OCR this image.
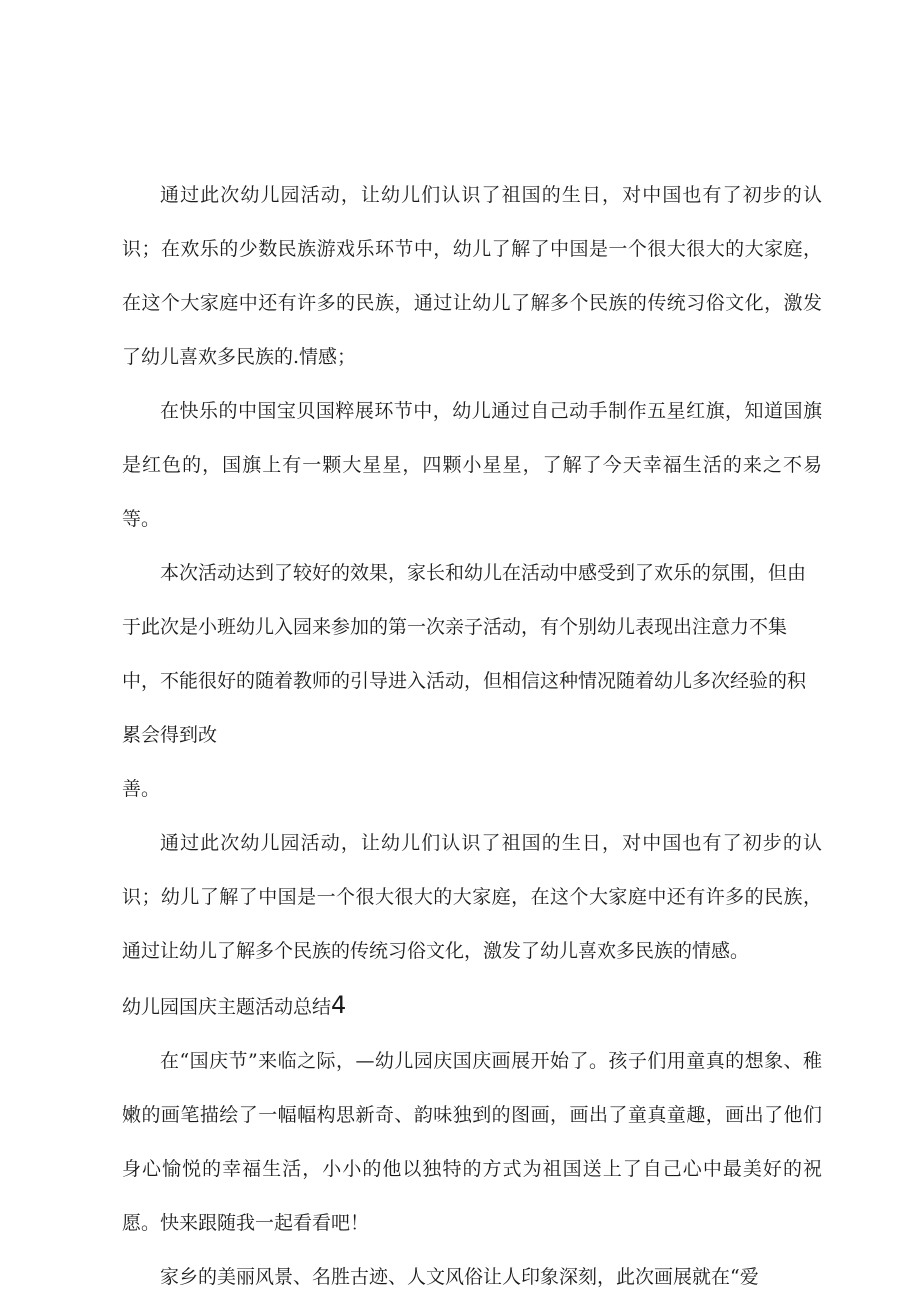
通过此次幼儿园活动，让幼儿们认识了祖国的生日，对中国也有了初步的认识；在欢乐的少数民族游戏乐环节中，幼儿了解了中国是一个很大很大的大家庭，在这个大家庭中还有许多的民族，通过让幼儿了解多个民族的传统习俗文化，激发了幼儿喜欢多民族的.情感；

在快乐的中国宝贝国粹展环节中，幼儿通过自己动手制作五星红旗，知道国旗是红色的，国旗上有一颗大星星，四颗小星星，了解了今天幸福生活的来之不易等。

本次活动达到了较好的效果，家长和幼儿在活动中感受到了欢乐的氛围，但由于此次是小班幼儿入园来参加的第一次亲子活动，有个别幼儿表现出注意力不集中，不能很好的随着教师的引导进入活动，但相信这种情况随着幼儿多次经验的积累会得到改

善。

通过此次幼儿园活动，让幼儿们认识了祖国的生日，对中国也有了初步的认识；幼儿了解了中国是一个很大很大的大家庭，在这个大家庭中还有许多的民族，通过让幼儿了解多个民族的传统习俗文化，激发了幼儿喜欢多民族的情感。

幼儿园国庆主题活动总结4

在“国庆节”来临之际，—幼儿园庆国庆画展开始了。孩子们用童真的想象、稚嫩的画笔描绘了一幅幅构思新奇、韵味独到的图画，画出了童真童趣，画出了他们身心愉悦的幸福生活，小小的他以独特的方式为祖国送上了自己心中最美好的祝愿。快来跟随我一起看看吧！

家乡的美丽风景、名胜古迹、人文风俗让人印象深刻，此次画展就在“爱
